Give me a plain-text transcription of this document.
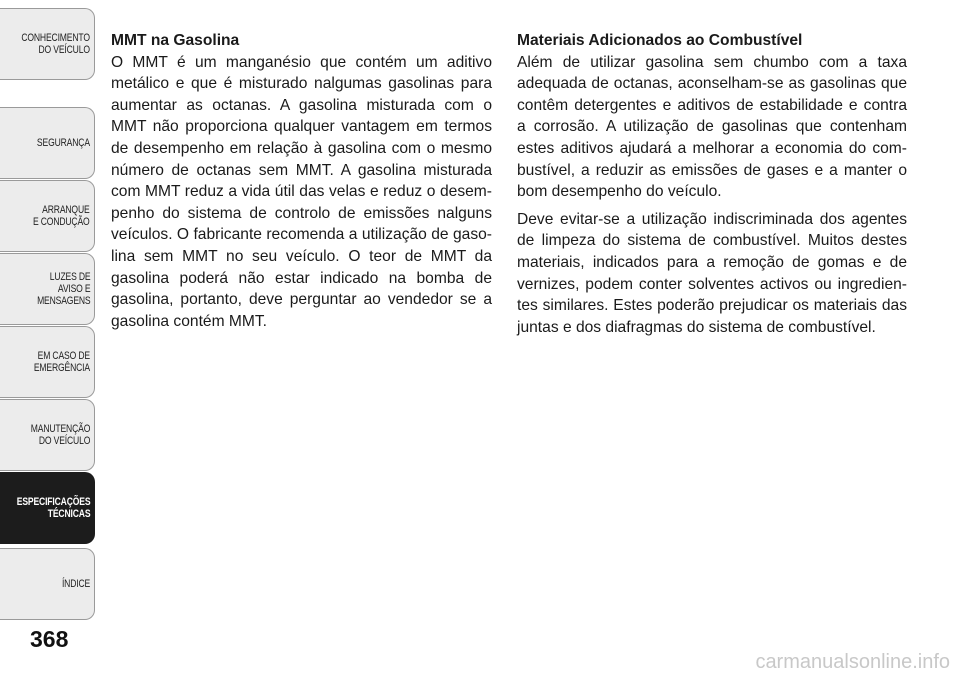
CONHECIMENTO
DO VEÍCULO
SEGURANÇA
ARRANQUE
E CONDUÇÃO
LUZES DE
AVISO E
MENSAGENS
EM CASO DE
EMERGÊNCIA
MANUTENÇÃO
DO VEÍCULO
ESPECIFICAÇÕES
TÉCNICAS
ÍNDICE
368
MMT na Gasolina

O MMT é um manganésio que contém um aditivo metálico e que é misturado nalgumas gasolinas para aumentar as octanas. A gasolina misturada com o MMT não proporciona qualquer vantagem em termos de desempenho em relação à gasolina com o mesmo número de octanas sem MMT. A gasolina misturada com MMT reduz a vida útil das velas e reduz o desempenho do sistema de controlo de emissões nalguns veículos. O fabricante recomenda a utilização de gasolina sem MMT no seu veículo. O teor de MMT da gasolina poderá não estar indicado na bomba de gasolina, portanto, deve perguntar ao vendedor se a gasolina contém MMT.

Materiais Adicionados ao Combustível

Além de utilizar gasolina sem chumbo com a taxa adequada de octanas, aconselham-se as gasolinas que contêm detergentes e aditivos de estabilidade e contra a corrosão. A utilização de gasolinas que contenham estes aditivos ajudará a melhorar a economia do combustível, a reduzir as emissões de gases e a manter o bom desempenho do veículo.

Deve evitar-se a utilização indiscriminada dos agentes de limpeza do sistema de combustível. Muitos destes materiais, indicados para a remoção de gomas e de vernizes, podem conter solventes activos ou ingredientes similares. Estes poderão prejudicar os materiais das juntas e dos diafragmas do sistema de combustível.

carmanualsonline.info
